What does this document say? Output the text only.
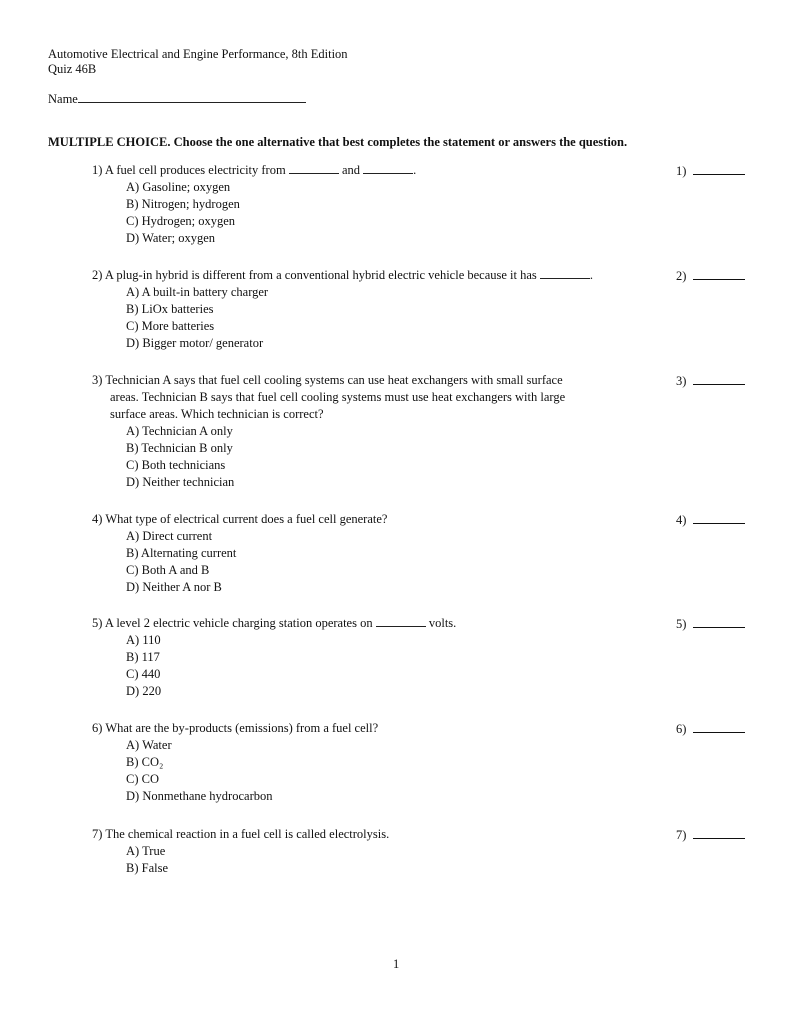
Automotive Electrical and Engine Performance, 8th Edition
Quiz 46B
Name
MULTIPLE CHOICE. Choose the one alternative that best completes the statement or answers the question.
1) A fuel cell produces electricity from	and	.
A) Gasoline; oxygen
B) Nitrogen; hydrogen
C) Hydrogen; oxygen
D) Water; oxygen
1)
2) A plug-in hybrid is different from a conventional hybrid electric vehicle because it has	.
A) A built-in battery charger
B) LiOx batteries
C) More batteries
D) Bigger motor/ generator
2)
3) Technician A says that fuel cell cooling systems can use heat exchangers with small surface
areas. Technician B says that fuel cell cooling systems must use heat exchangers with large
surface areas. Which technician is correct?
A) Technician A only
B) Technician B only
C) Both technicians
D) Neither technician
3)
4) What type of electrical current does a fuel cell generate?
A) Direct current
B) Alternating current
C) Both A and B
D) Neither A nor B
4)
5) A level 2 electric vehicle charging station operates on	volts.
A) 110
B) 117
C) 440
D) 220
5)
6) What are the by-products (emissions) from a fuel cell?
A) Water
B) CO₂
C) CO
D) Nonmethane hydrocarbon
6)
7) The chemical reaction in a fuel cell is called electrolysis.
A) True
B) False
7)
1
